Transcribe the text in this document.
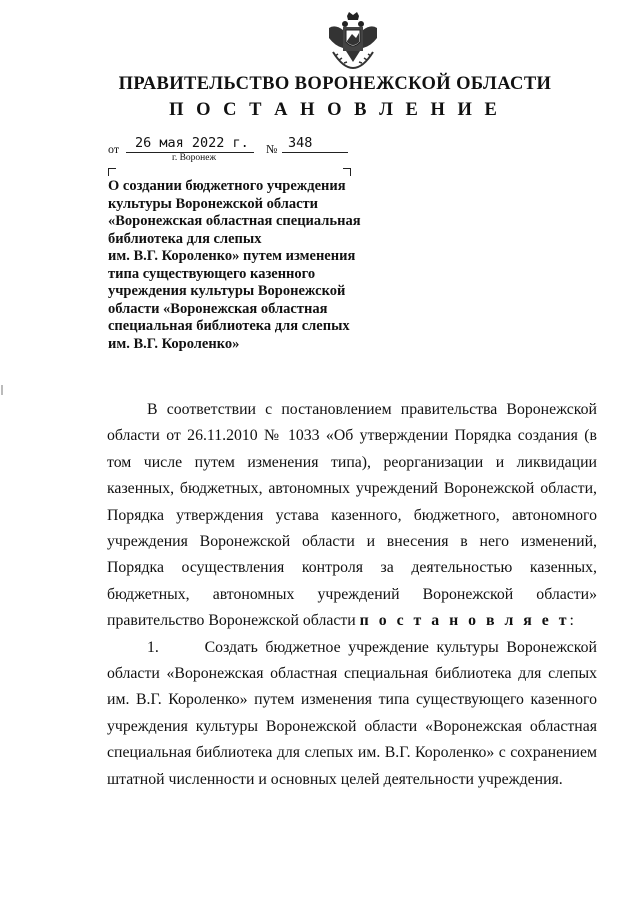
ПРАВИТЕЛЬСТВО ВОРОНЕЖСКОЙ ОБЛАСТИ
П О С Т А Н О В Л Е Н И Е
от 26 мая 2022 г. № 348
г. Воронеж
О создании бюджетного учреждения
культуры Воронежской области
«Воронежская областная специальная
библиотека для слепых
им. В.Г. Короленко» путем изменения
типа существующего казенного
учреждения культуры Воронежской
области «Воронежская областная
специальная библиотека для слепых
им. В.Г. Короленко»

В соответствии с постановлением правительства Воронежской области от 26.11.2010 № 1033 «Об утверждении Порядка создания (в том числе путем изменения типа), реорганизации и ликвидации казенных, бюджетных, автономных учреждений Воронежской области, Порядка утверждения устава казенного, бюджетного, автономного учреждения Воронежской области и внесения в него изменений, Порядка осуществления контроля за деятельностью казенных, бюджетных, автономных учреждений Воронежской области» правительство Воронежской области п о с т а н о в л я е т:

1.	Создать бюджетное учреждение культуры Воронежской области «Воронежская областная специальная библиотека для слепых им. В.Г. Короленко» путем изменения типа существующего казенного учреждения культуры Воронежской области «Воронежская областная специальная библиотека для слепых им. В.Г. Короленко» с сохранением штатной численности и основных целей деятельности учреждения.
